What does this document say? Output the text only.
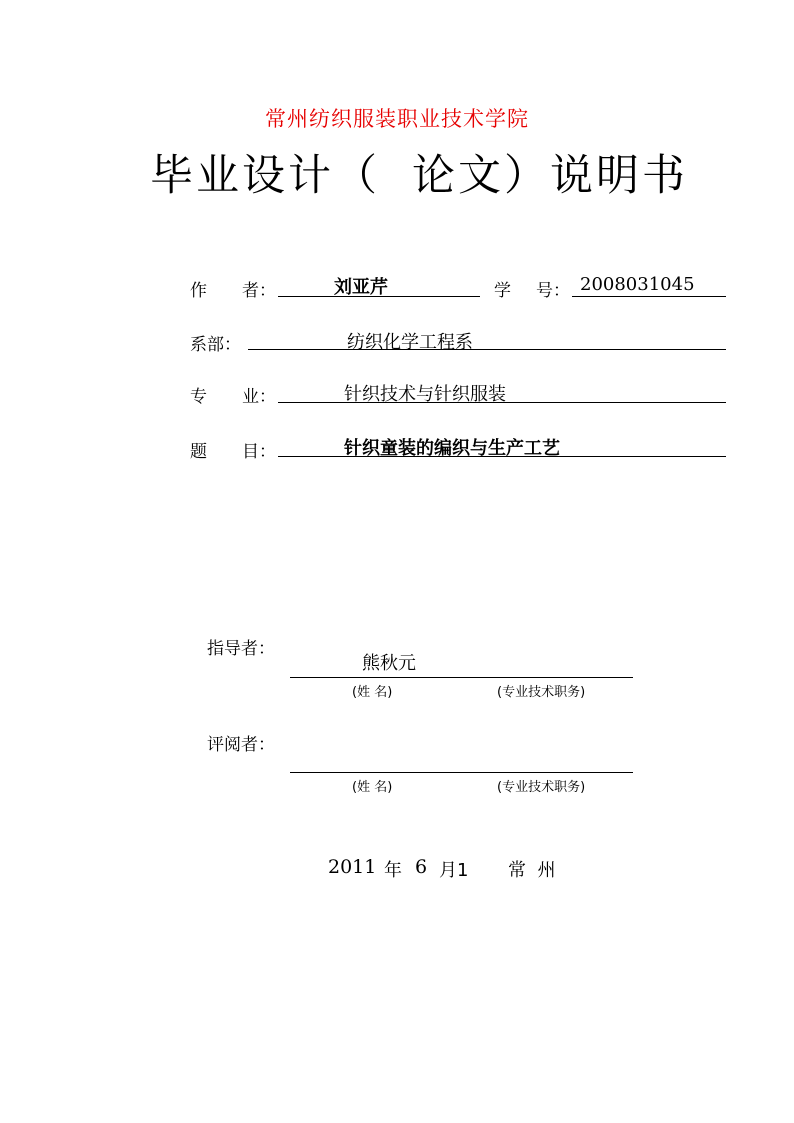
常州纺织服装职业技术学院
毕业设计（ 论文）说明书
作 者：	刘亚芹	学 号： 2008031045
系部：	纺织化学工程系
专 业：	针织技术与针织服装
题 目：	针织童装的编织与生产工艺
指导者：
熊秋元
(姓 名)	(专业技术职务)
评阅者：
(姓 名)	(专业技术职务)
2011 年 6 月1 常  州
